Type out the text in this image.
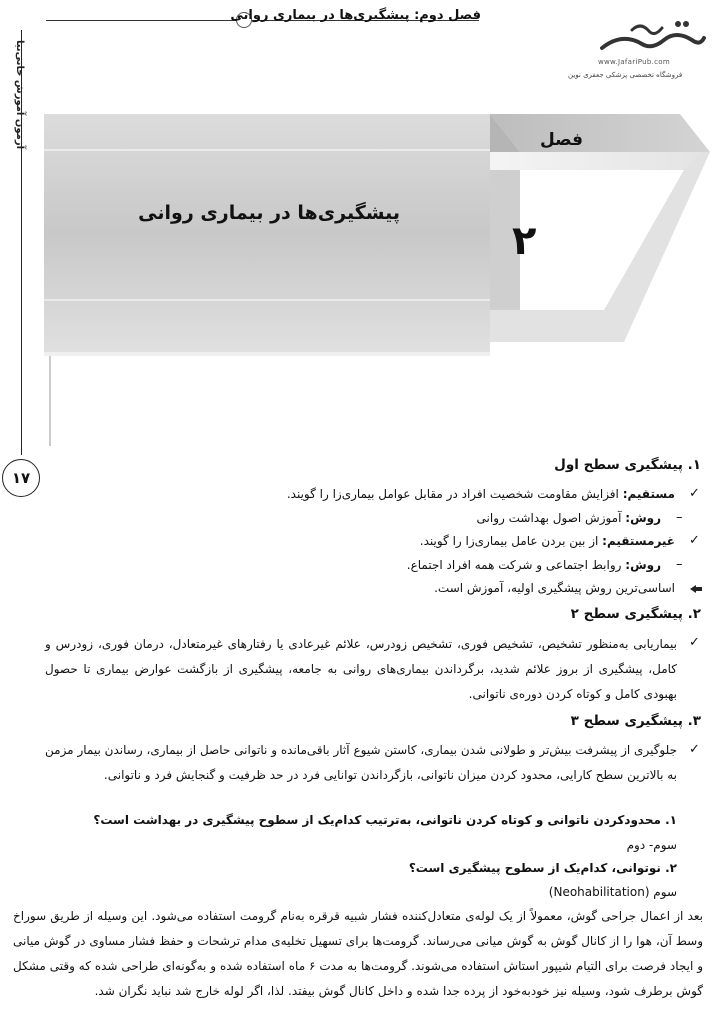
فصل دوم: پیشگیری‌ها در بیماری روانی
آزمون آموزش خانی‌نیا
۱۷
www.JafariPub.com
فروشگاه تخصصی پزشکی جعفری نوین
پیشگیری‌ها در بیماری روانی
فصل
۲
۱. پیشگیری سطح اول
✓
مستقیم: افزایش مقاومت شخصیت افراد در مقابل عوامل بیماری‌زا را گویند.
–
روش: آموزش اصول بهداشت روانی
✓
غیرمستقیم: از بین بردن عامل بیماری‌زا را گویند.
–
روش: روابط اجتماعی و شرکت همه افراد اجتماع.
اساسی‌ترین روش پیشگیری اولیه، آموزش است.
۲. پیشگیری سطح ۲
✓
بیماریابی به‌منظور تشخیص، تشخیص فوری، تشخیص زودرس، علائم غیرعادی یا رفتارهای غیرمتعادل، درمان فوری، زودرس و کامل، پیشگیری از بروز علائم شدید، برگرداندن بیماری‌های روانی به جامعه، پیشگیری از بازگشت عوارض بیماری تا حصول بهبودی کامل و کوتاه کردن دوره‌ی ناتوانی.
۳. پیشگیری سطح ۳
✓
جلوگیری از پیشرفت بیش‌تر و طولانی شدن بیماری، کاستن شیوع آثار باقی‌مانده و ناتوانی حاصل از بیماری، رساندن بیمار مزمن به بالاترین سطح کارایی، محدود کردن میزان ناتوانی، بازگرداندن توانایی فرد در حد ظرفیت و گنجایش فرد و ناتوانی.
۱. محدودکردن ناتوانی و کوتاه کردن ناتوانی، به‌ترتیب کدام‌یک از سطوح پیشگیری در بهداشت است؟
سوم- دوم
۲. نوتوانی، کدام‌یک از سطوح پیشگیری است؟
سوم (Neohabilitation)
بعد از اعمال جراحی گوش، معمولاً از یک لوله‌ی متعادل‌کننده فشار شبیه قرقره به‌نام گرومت استفاده می‌شود. این وسیله از طریق سوراخ وسط آن، هوا را از کانال گوش به گوش میانی می‌رساند. گرومت‌ها برای تسهیل تخلیه‌ی مدام ترشحات و حفظ فشار مساوی در گوش میانی و ایجاد فرصت برای التیام شیپور استاش استفاده می‌شوند. گرومت‌ها به مدت ۶ ماه استفاده شده و به‌گونه‌ای طراحی شده که وقتی مشکل گوش برطرف شود، وسیله نیز خودبه‌خود از پرده جدا شده و داخل کانال گوش بیفتد. لذا، اگر لوله خارج شد نباید نگران شد.
